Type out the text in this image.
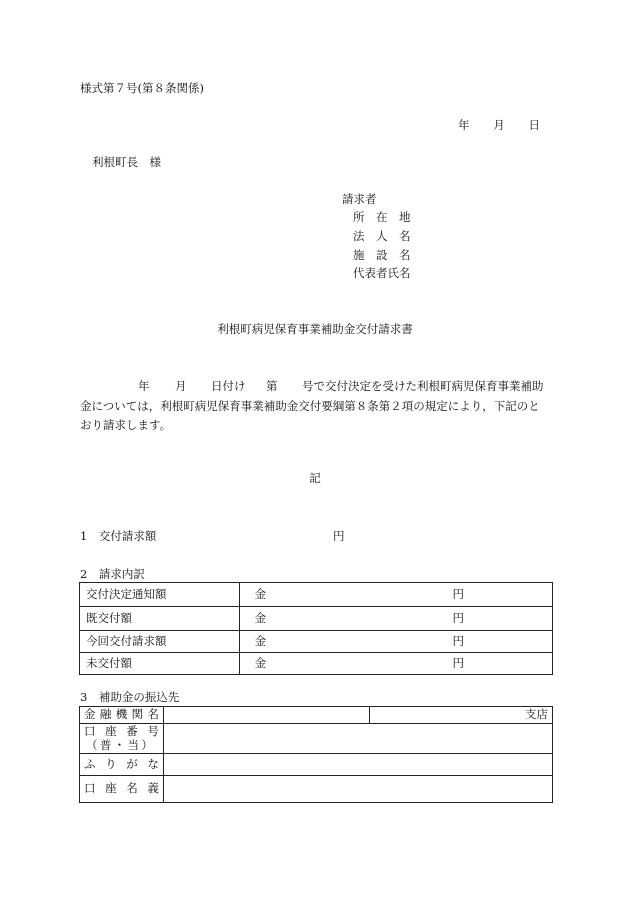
様式第７号(第８条関係)
年 月 日
利根町長　様
請求者
所　在　地
法　人　名
施　設　名
代表者氏名
利根町病児保育事業補助金交付請求書
年 月 日付け 第 号で交付決定を受けた利根町病児保育事業補助
金については，利根町病児保育事業補助金交付要綱第８条第２項の規定により，下記のと
おり請求します。
記
1　交付請求額	円
2　請求内訳
交付決定通知額	金 円

既交付額	金 円

今回交付請求額	金 円

未交付額	金 円
3　補助金の振込先
金融機関名		支店

口座番号
（普・当）		

ふりがな		

口座名義		
